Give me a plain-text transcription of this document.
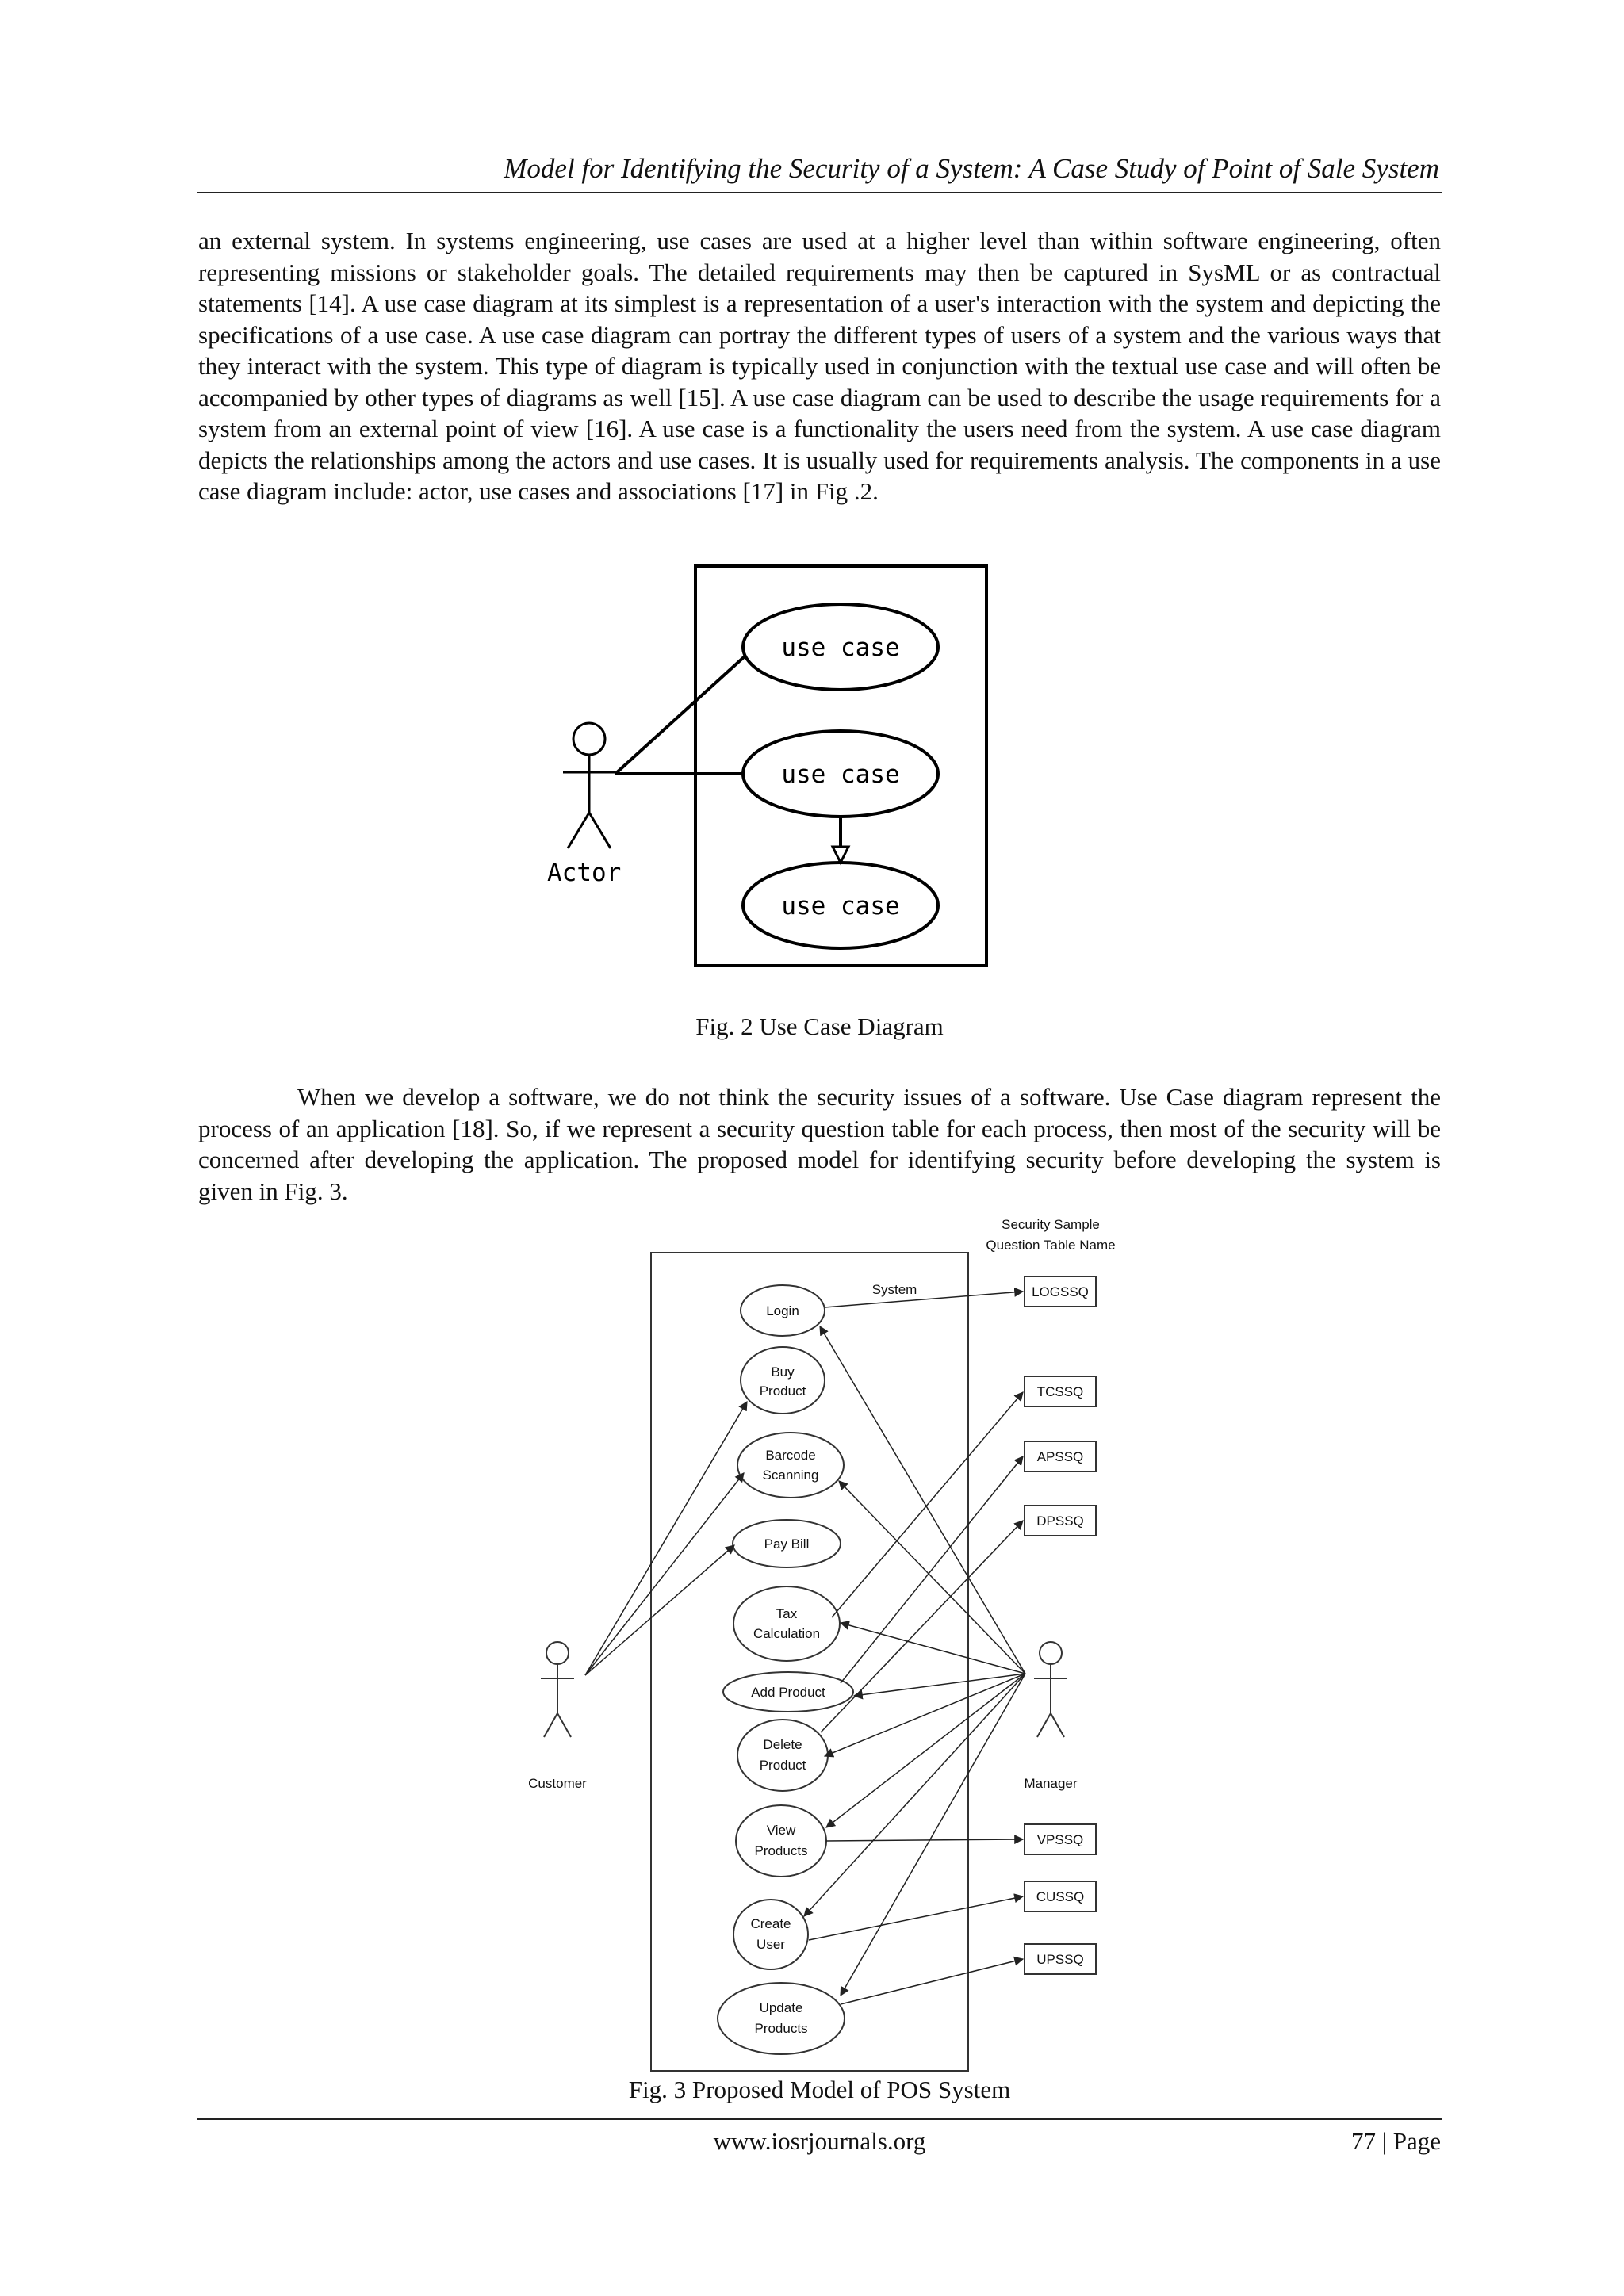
Model for Identifying the Security of a System: A Case Study of Point of Sale System

an external system. In systems engineering, use cases are used at a higher level than within software engineering, often representing missions or stakeholder goals. The detailed requirements may then be captured in SysML or as contractual statements [14]. A use case diagram at its simplest is a representation of a user's interaction with the system and depicting the specifications of a use case. A use case diagram can portray the different types of users of a system and the various ways that they interact with the system. This type of diagram is typically used in conjunction with the textual use case and will often be accompanied by other types of diagrams as well [15]. A use case diagram can be used to describe the usage requirements for a system from an external point of view [16]. A use case is a functionality the users need from the system. A use case diagram depicts the relationships among the actors and use cases. It is usually used for requirements analysis. The components in a use case diagram include: actor, use cases and associations [17] in Fig .2.

Actor
use case
use case
use case
Fig. 2 Use Case Diagram

When we develop a software, we do not think the security issues of a software. Use Case diagram represent the process of an application [18]. So, if we represent a security question table for each process, then most of the security will be concerned after developing the application. The proposed model for identifying security before developing the system is given in Fig. 3.

Security Sample
Question Table Name
System
Customer	Manager
Login
Buy
Product
Barcode
Scanning
Pay Bill
Tax
Calculation
Add Product
Delete
Product
View
Products
Create
User
Update
Products
LOGSSQ
TCSSQ
APSSQ
DPSSQ
VPSSQ
CUSSQ
UPSSQ
Fig. 3 Proposed Model of POS System
www.iosrjournals.org	77 | Page
